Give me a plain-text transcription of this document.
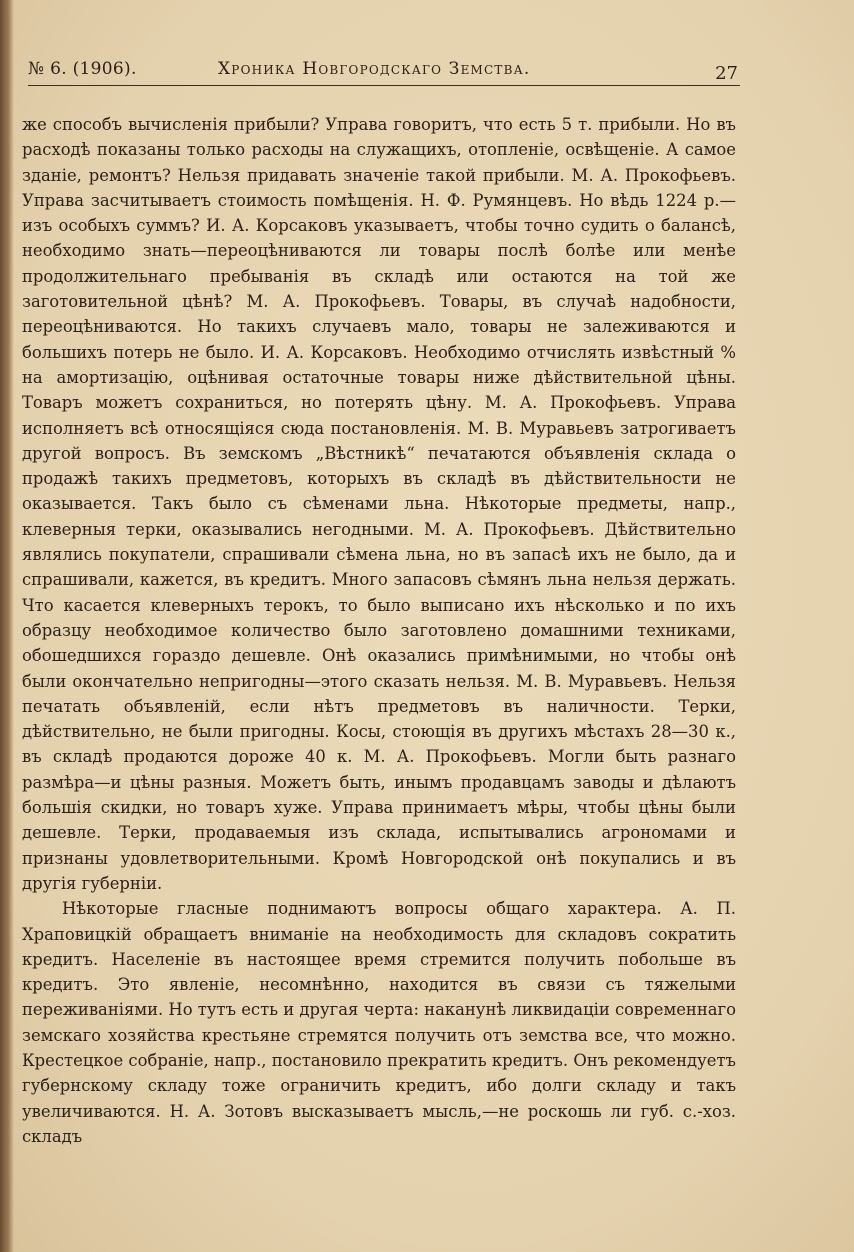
№ 6. (1906).	Хроника Новгородскаго Земства.	27

же способъ вычисленія прибыли? Управа говоритъ, что есть 5 т. прибыли. Но въ расходѣ показаны только расходы на служащихъ, отопленіе, освѣщеніе. А самое зданіе, ремонтъ? Нельзя придавать значеніе такой прибыли. М. А. Прокофьевъ. Управа засчитываетъ стоимость помѣщенія. Н. Ф. Румянцевъ. Но вѣдь 1224 р.—изъ особыхъ суммъ? И. А. Корсаковъ указываетъ, чтобы точно судить о балансѣ, необходимо знать—переоцѣниваются ли товары послѣ болѣе или менѣе продолжительнаго пребыванія въ складѣ или остаются на той же заготовительной цѣнѣ? М. А. Прокофьевъ. Товары, въ случаѣ надобности, переоцѣниваются. Но такихъ случаевъ мало, товары не залеживаются и большихъ потерь не было. И. А. Корсаковъ. Необходимо отчислять извѣстный % на амортизацію, оцѣнивая остаточные товары ниже дѣйствительной цѣны. Товаръ можетъ сохраниться, но потерять цѣну. М. А. Прокофьевъ. Управа исполняетъ всѣ относящіяся сюда постановленія. М. В. Муравьевъ затрогиваетъ другой вопросъ. Въ земскомъ „Вѣстникѣ“ печатаются объявленія склада о продажѣ такихъ предметовъ, которыхъ въ складѣ въ дѣйствительности не оказывается. Такъ было съ сѣменами льна. Нѣкоторые предметы, напр., клеверныя терки, оказывались негодными. М. А. Прокофьевъ. Дѣйствительно являлись покупатели, спрашивали сѣмена льна, но въ запасѣ ихъ не было, да и спрашивали, кажется, въ кредитъ. Много запасовъ сѣмянъ льна нельзя держать. Что касается клеверныхъ терокъ, то было выписано ихъ нѣсколько и по ихъ образцу необходимое количество было заготовлено домашними техниками, обошедшихся гораздо дешевле. Онѣ оказались примѣнимыми, но чтобы онѣ были окончательно непригодны—этого сказать нельзя. М. В. Муравьевъ. Нельзя печатать объявленій, если нѣтъ предметовъ въ наличности. Терки, дѣйствительно, не были пригодны. Косы, стоющія въ другихъ мѣстахъ 28—30 к., въ складѣ продаются дороже 40 к. М. А. Прокофьевъ. Могли быть разнаго размѣра—и цѣны разныя. Можетъ быть, инымъ продавцамъ заводы и дѣлаютъ большія скидки, но товаръ хуже. Управа принимаетъ мѣры, чтобы цѣны были дешевле. Терки, продаваемыя изъ склада, испытывались агрономами и признаны удовлетворительными. Кромѣ Новгородской онѣ покупались и въ другія губерніи.

Нѣкоторые гласные поднимаютъ вопросы общаго характера. А. П. Храповицкій обращаетъ вниманіе на необходимость для складовъ сократить кредитъ. Населеніе въ настоящее время стремится получить побольше въ кредитъ. Это явленіе, несомнѣнно, находится въ связи съ тяжелыми переживаніями. Но тутъ есть и другая черта: наканунѣ ликвидаціи современнаго земскаго хозяйства крестьяне стремятся получить отъ земства все, что можно. Крестецкое собраніе, напр., постановило прекратить кредитъ. Онъ рекомендуетъ губернскому складу тоже ограничить кредитъ, ибо долги складу и такъ увеличиваются. Н. А. Зотовъ высказываетъ мысль,—не роскошь ли губ. с.-хоз. складъ
